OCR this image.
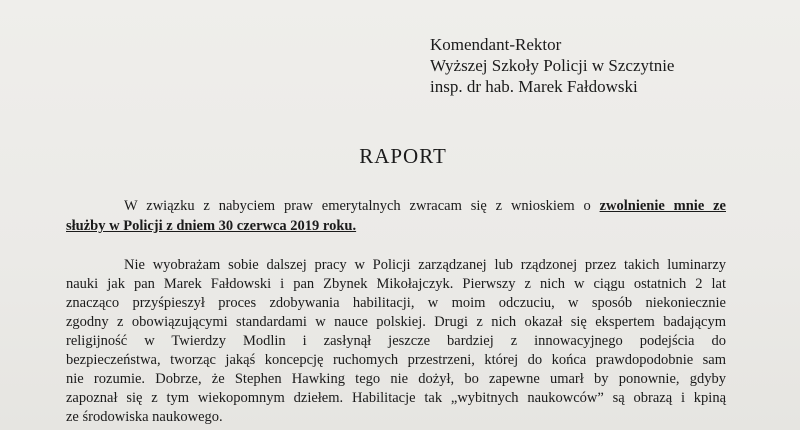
Komendant-Rektor
Wyższej Szkoły Policji w Szczytnie
insp. dr hab. Marek Fałdowski
RAPORT
W związku z nabyciem praw emerytalnych zwracam się z wnioskiem o zwolnienie mnie ze
służby w Policji z dniem 30 czerwca 2019 roku.
Nie wyobrażam sobie dalszej pracy w Policji zarządzanej lub rządzonej przez takich luminarzy
nauki jak pan Marek Fałdowski i pan Zbynek Mikołajczyk. Pierwszy z nich w ciągu ostatnich 2 lat
znacząco przyśpieszył proces zdobywania habilitacji, w moim odczuciu, w sposób niekoniecznie
zgodny z obowiązującymi standardami w nauce polskiej. Drugi z nich okazał się ekspertem badającym
religijność w Twierdzy Modlin i zasłynął jeszcze bardziej z innowacyjnego podejścia do
bezpieczeństwa, tworząc jakąś koncepcję ruchomych przestrzeni, której do końca prawdopodobnie sam
nie rozumie. Dobrze, że Stephen Hawking tego nie dożył, bo zapewne umarł by ponownie, gdyby
zapoznał się z tym wiekopomnym dziełem. Habilitacje tak „wybitnych naukowców” są obrazą i kpiną
ze środowiska naukowego.
